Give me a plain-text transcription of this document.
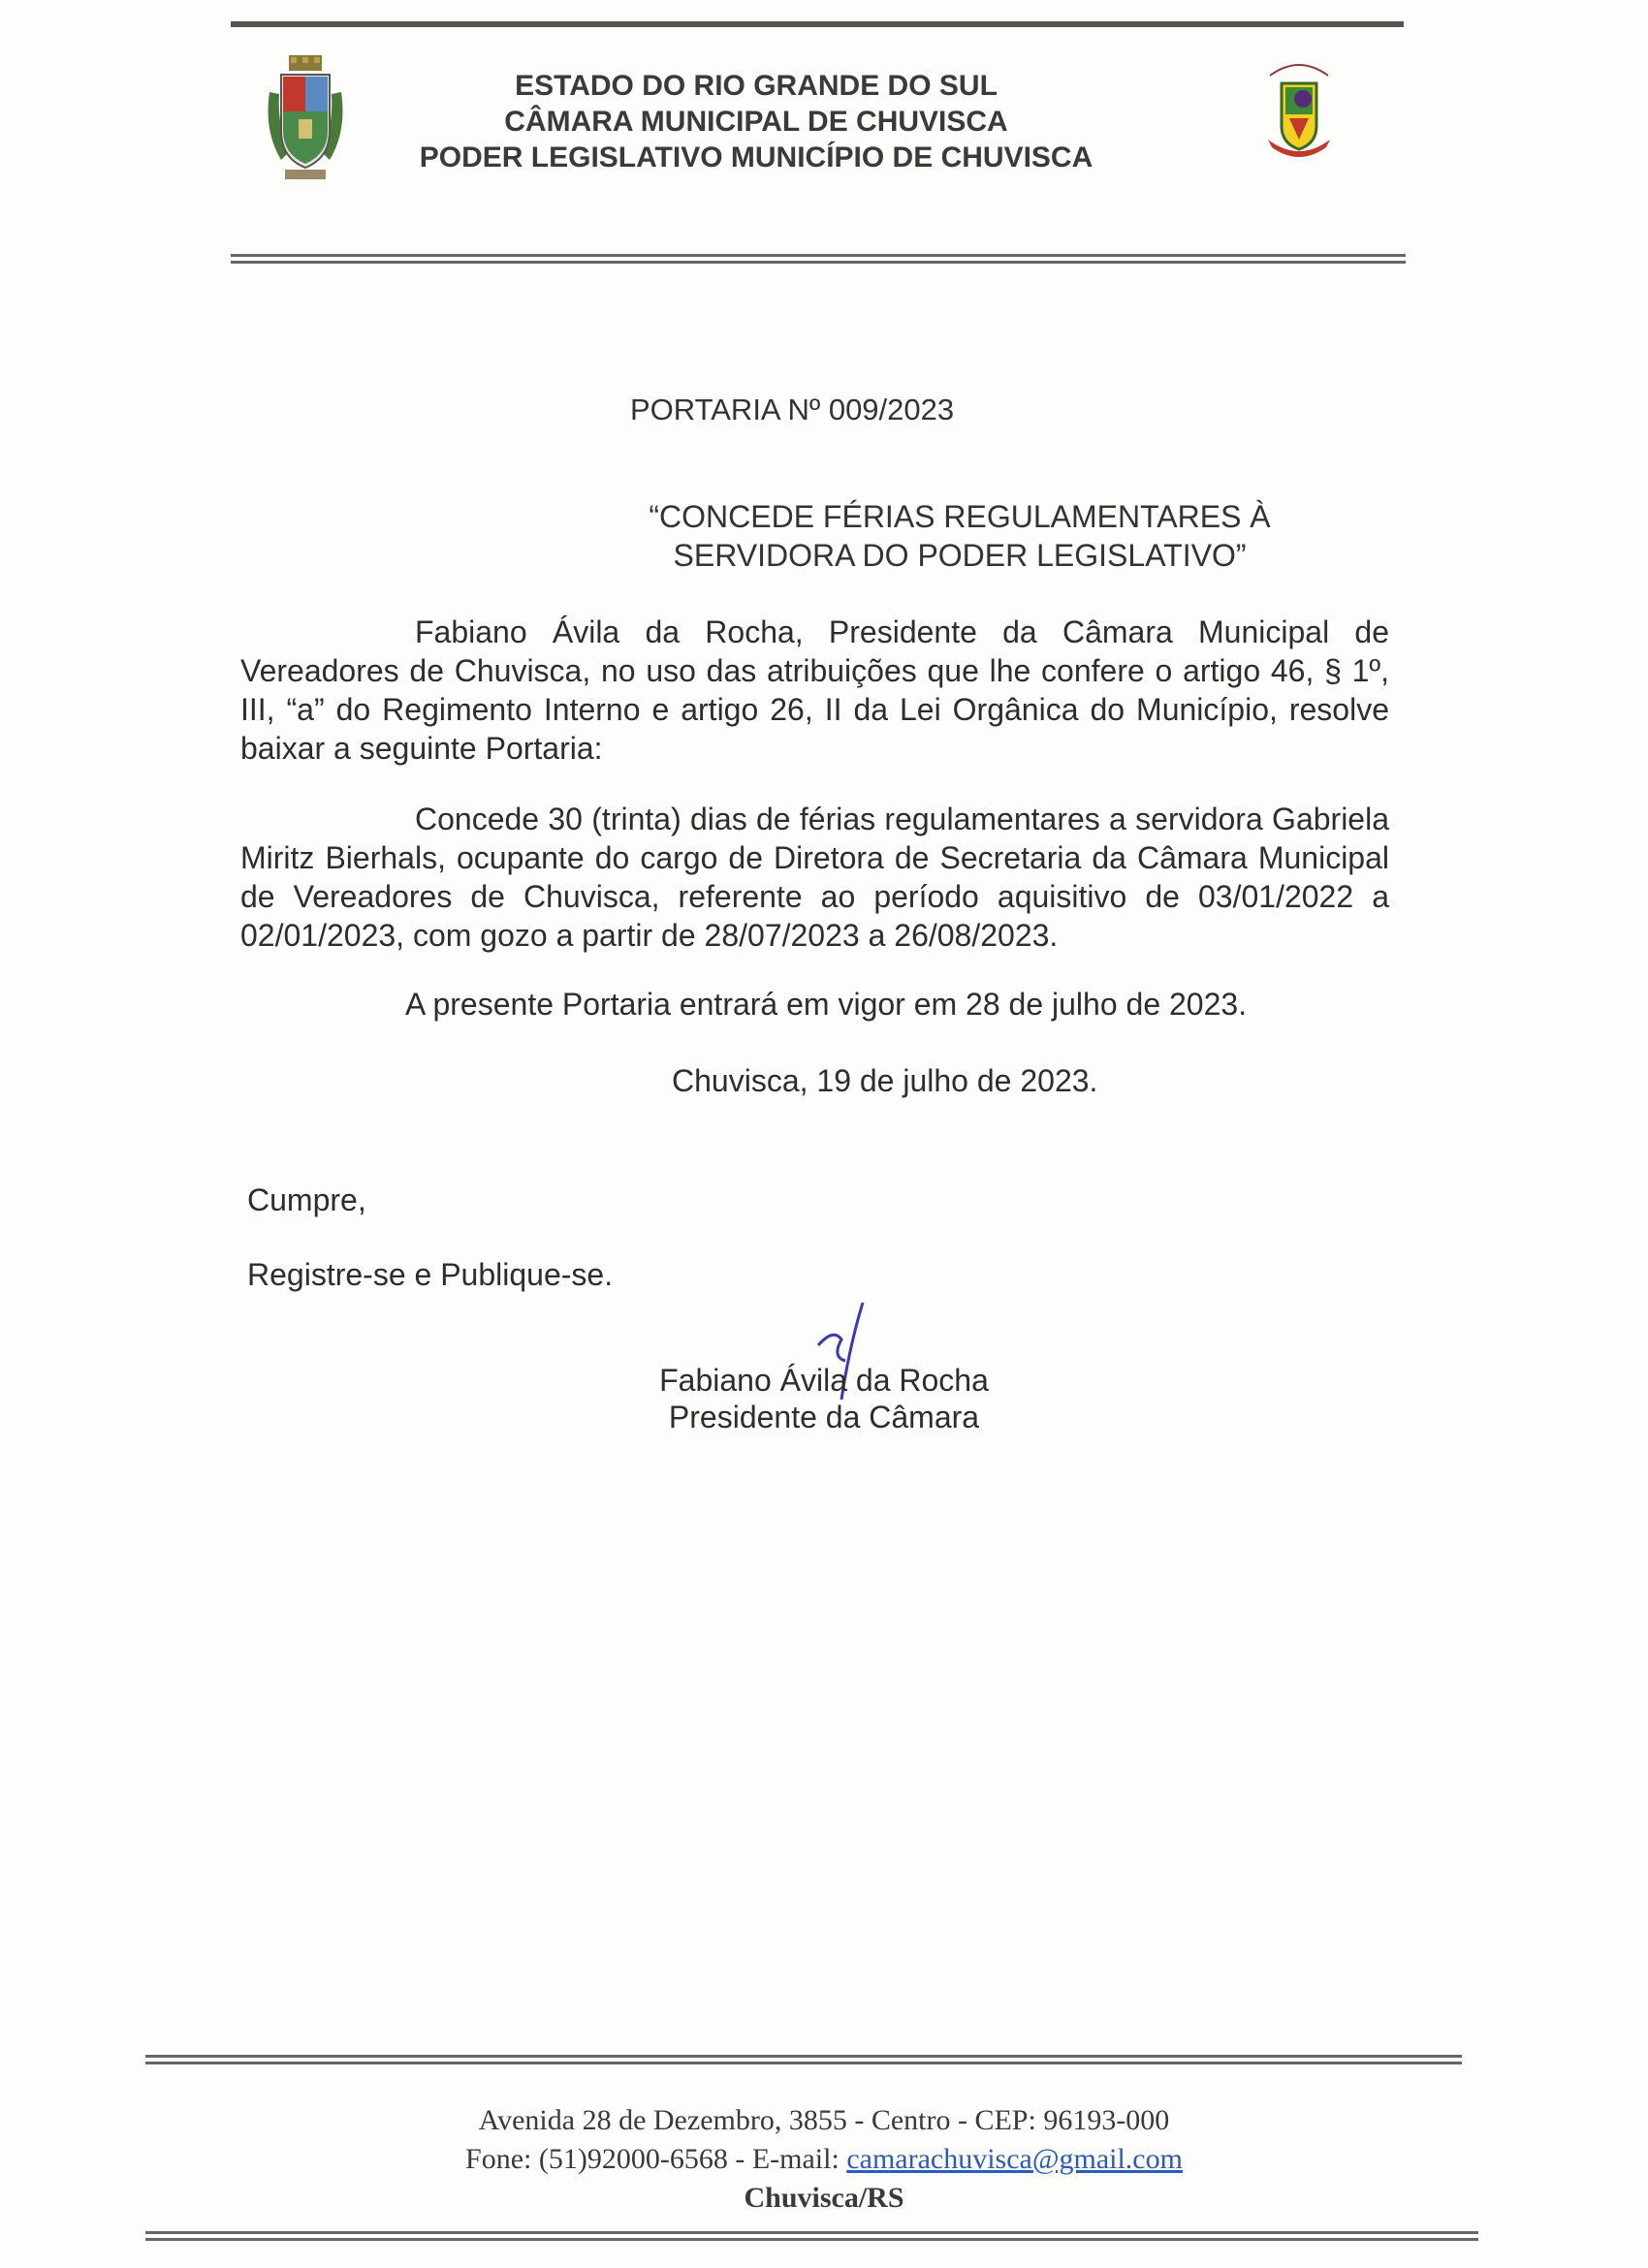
ESTADO DO RIO GRANDE DO SUL
CÂMARA MUNICIPAL DE CHUVISCA
PODER LEGISLATIVO MUNICÍPIO DE CHUVISCA
PORTARIA Nº 009/2023
“CONCEDE FÉRIAS REGULAMENTARES À
SERVIDORA DO PODER LEGISLATIVO”
Fabiano Ávila da Rocha, Presidente da Câmara Municipal de Vereadores de Chuvisca, no uso das atribuições que lhe confere o artigo 46, § 1º, III, “a” do Regimento Interno e artigo 26, II da Lei Orgânica do Município, resolve baixar a seguinte Portaria:
Concede 30 (trinta) dias de férias regulamentares a servidora Gabriela Miritz Bierhals, ocupante do cargo de Diretora de Secretaria da Câmara Municipal de Vereadores de Chuvisca, referente ao período aquisitivo de 03/01/2022 a 02/01/2023, com gozo a partir de 28/07/2023 a 26/08/2023.
A presente Portaria entrará em vigor em 28 de julho de 2023.
Chuvisca, 19 de julho de 2023.
Cumpre,
Registre-se e Publique-se.
Fabiano Ávila da Rocha
Presidente da Câmara
Avenida 28 de Dezembro, 3855 - Centro - CEP: 96193-000
Fone: (51)92000-6568 - E-mail: camarachuvisca@gmail.com
Chuvisca/RS
